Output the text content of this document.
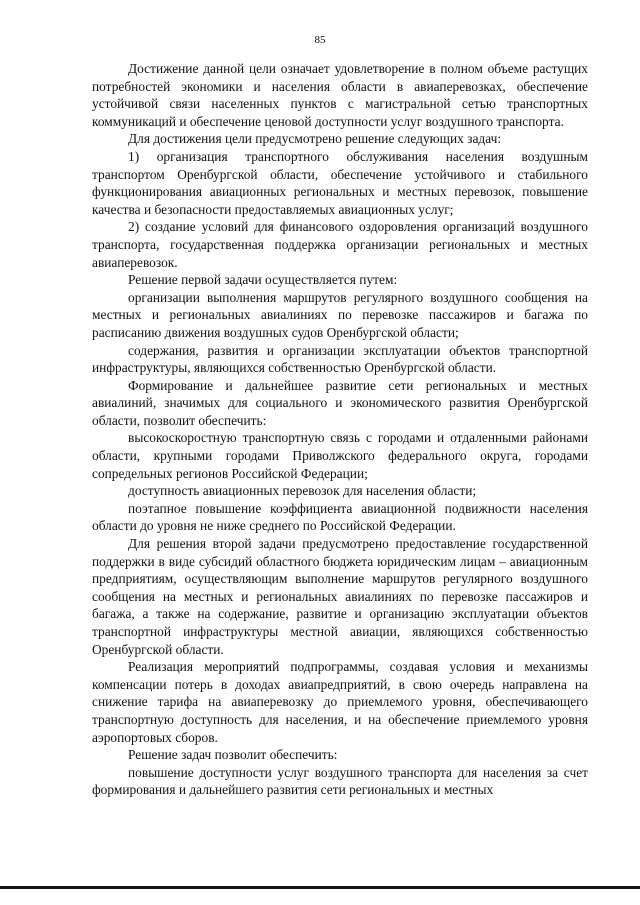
85

Достижение данной цели означает удовлетворение в полном объеме растущих потребностей экономики и населения области в авиаперевозках, обеспечение устойчивой связи населенных пунктов с магистральной сетью транспортных коммуникаций и обеспечение ценовой доступности услуг воздушного транспорта.

Для достижения цели предусмотрено решение следующих задач:

1) организация транспортного обслуживания населения воздушным транспортом Оренбургской области, обеспечение устойчивого и стабильного функционирования авиационных региональных и местных перевозок, повышение качества и безопасности предоставляемых авиационных услуг;

2) создание условий для финансового оздоровления организаций воздушного транспорта, государственная поддержка организации региональных и местных авиаперевозок.

Решение первой задачи осуществляется путем:

организации выполнения маршрутов регулярного воздушного сообщения на местных и региональных авиалиниях по перевозке пассажиров и багажа по расписанию движения воздушных судов Оренбургской области;

содержания, развития и организации эксплуатации объектов транспортной инфраструктуры, являющихся собственностью Оренбургской области.

Формирование и дальнейшее развитие сети региональных и местных авиалиний, значимых для социального и экономического развития Оренбургской области, позволит обеспечить:

высокоскоростную транспортную связь с городами и отдаленными районами области, крупными городами Приволжского федерального округа, городами сопредельных регионов Российской Федерации;

доступность авиационных перевозок для населения области;

поэтапное повышение коэффициента авиационной подвижности населения области до уровня не ниже среднего по Российской Федерации.

Для решения второй задачи предусмотрено предоставление государственной поддержки в виде субсидий областного бюджета юридическим лицам – авиационным предприятиям, осуществляющим выполнение маршрутов регулярного воздушного сообщения на местных и региональных авиалиниях по перевозке пассажиров и багажа, а также на содержание, развитие и организацию эксплуатации объектов транспортной инфраструктуры местной авиации, являющихся собственностью Оренбургской области.

Реализация мероприятий подпрограммы, создавая условия и механизмы компенсации потерь в доходах авиапредприятий, в свою очередь направлена на снижение тарифа на авиаперевозку до приемлемого уровня, обеспечивающего транспортную доступность для населения, и на обеспечение приемлемого уровня аэропортовых сборов.

Решение задач позволит обеспечить:

повышение доступности услуг воздушного транспорта для населения за счет формирования и дальнейшего развития сети региональных и местных
